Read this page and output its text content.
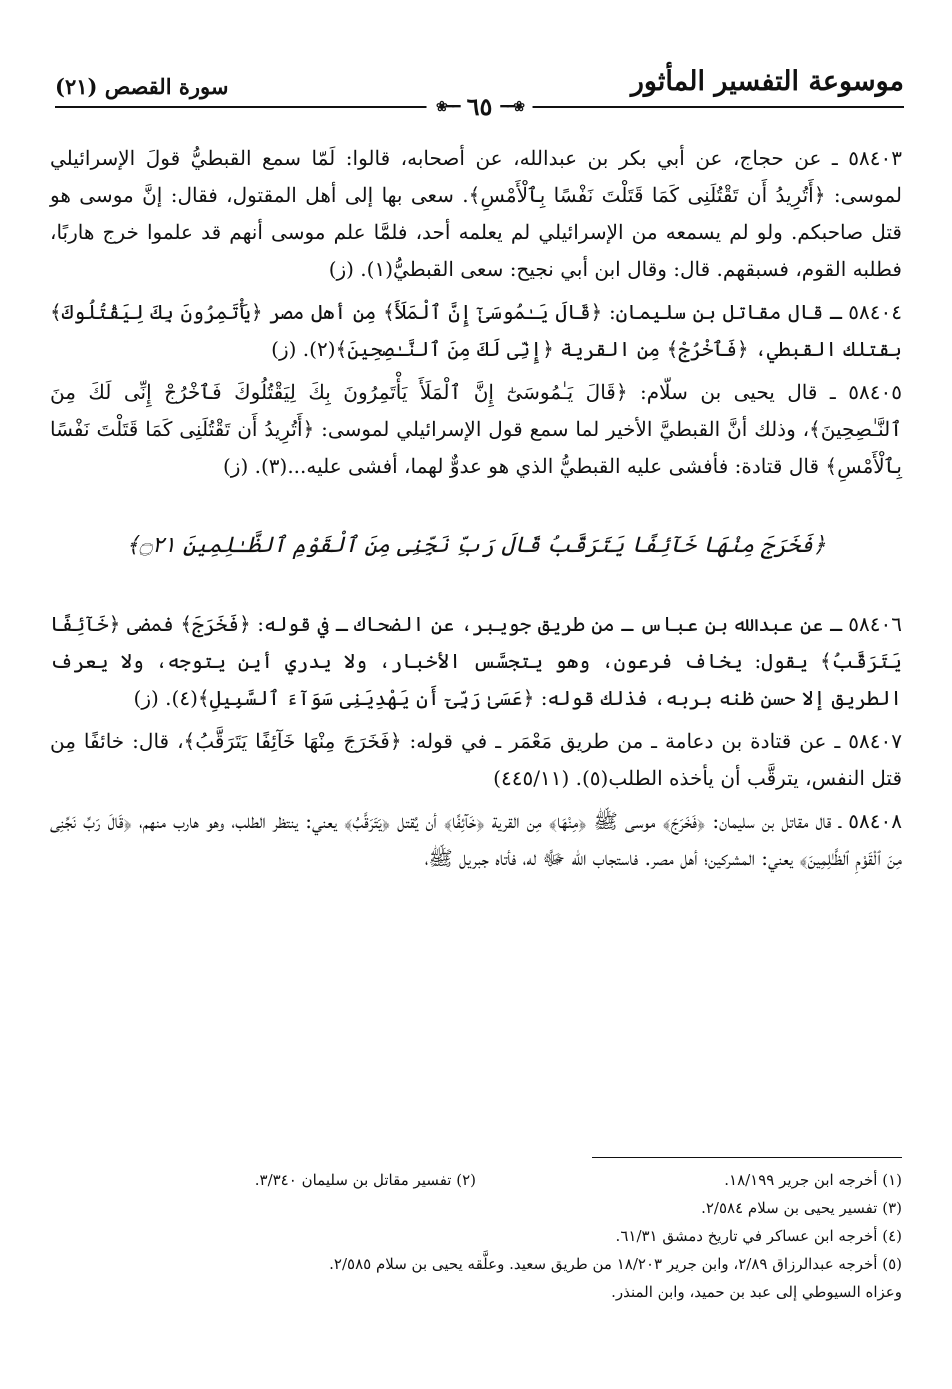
موسوعة التفسير المأثور
سورة القصص (٢١)
❀━━
٦٥
━━❀

٥٨٤٠٣ ـ عن حجاج، عن أبي بكر بن عبدالله، عن أصحابه، قالوا: لَمّا سمع القبطيُّ قولَ الإسرائيلي لموسى: ﴿أَتُرِيدُ أَن تَقْتُلَنِى كَمَا قَتَلْتَ نَفْسًا بِٱلْأَمْسِ﴾. سعى بها إلى أهل المقتول، فقال: إنَّ موسى هو قتل صاحبكم. ولو لم يسمعه من الإسرائيلي لم يعلمه أحد، فلمَّا علم موسى أنهم قد علموا خرج هاربًا، فطلبه القوم، فسبقهم. قال: وقال ابن أبي نجيح: سعى القبطيُّ(١). (ز)

٥٨٤٠٤ ـ قال مقاتل بن سليمان: ﴿قَالَ يَـٰمُوسَىٰٓ إِنَّ ٱلْمَلَأَ﴾ مِن أهل مصر ﴿يَأْتَمِرُونَ بِكَ لِيَقْتُلُوكَ﴾ بقتلك القبطي، ﴿فَٱخْرُجْ﴾ مِن القرية ﴿إِنِّى لَكَ مِنَ ٱلنَّـٰصِحِينَ﴾(٢). (ز)

٥٨٤٠٥ ـ قال يحيى بن سلّام: ﴿قَالَ يَـٰمُوسَىٰٓ إِنَّ ٱلْمَلَأَ يَأْتَمِرُونَ بِكَ لِيَقْتُلُوكَ فَٱخْرُجْ إِنِّى لَكَ مِنَ ٱلنَّـٰصِحِينَ﴾، وذلك أنَّ القبطيَّ الأخير لما سمع قول الإسرائيلي لموسى: ﴿أَتُرِيدُ أَن تَقْتُلَنِى كَمَا قَتَلْتَ نَفْسًا بِٱلْأَمْسِ﴾ قال قتادة: فأفشى عليه القبطيُّ الذي هو عدوٌّ لهما، أفشى عليه...(٣). (ز)

﴿فَخَرَجَ مِنْهَا خَآئِفًا يَتَرَقَّبُ قَالَ رَبِّ نَجِّنِى مِنَ ٱلْقَوْمِ ٱلظَّـٰلِمِينَ ۝٢١﴾

٥٨٤٠٦ ـ عن عبدالله بن عباس ـ من طريق جويبر، عن الضحاك ـ في قوله: ﴿فَخَرَجَ﴾ فمضى ﴿خَآئِفًا يَتَرَقَّبُ﴾ يقول: يخاف فرعون، وهو يتجسَّس الأخبار، ولا يدري أين يتوجه، ولا يعرف الطريق إلا حسن ظنه بربه، فذلك قوله: ﴿عَسَىٰ رَبِّىٓ أَن يَهْدِيَنِى سَوَآءَ ٱلسَّبِيلِ﴾(٤). (ز)

٥٨٤٠٧ ـ عن قتادة بن دعامة ـ من طريق مَعْمَر ـ في قوله: ﴿فَخَرَجَ مِنْهَا خَآئِفًا يَتَرَقَّبُ﴾، قال: خائفًا مِن قتل النفس، يترقَّب أن يأخذه الطلب(٥). (٤٤٥/١١)

٥٨٤٠٨ ـ قال مقاتل بن سليمان: ﴿فَخَرَجَ﴾ موسى ﷺ ﴿مِنْهَا﴾ مِن القرية ﴿خَآئِفًا﴾ أن يُقتل ﴿يَتَرَقَّبُ﴾ يعني: ينتظر الطلب، وهو هارب منهم، ﴿قَالَ رَبِّ نَجِّنِى مِنَ ٱلْقَوْمِ ٱلظَّـٰلِمِينَ﴾ يعني: المشركين؛ أهل مصر. فاستجاب الله ﷻ له، فأتاه جبريل ﷺ،

(١) أخرجه ابن جرير ١٨/١٩٩.
(٢) تفسير مقاتل بن سليمان ٣/٣٤٠.
(٣) تفسير يحيى بن سلام ٢/٥٨٤.
(٤) أخرجه ابن عساكر في تاريخ دمشق ٦١/٣١.
(٥) أخرجه عبدالرزاق ٢/٨٩، وابن جرير ١٨/٢٠٣ من طريق سعيد. وعلَّقه يحيى بن سلام ٢/٥٨٥.
وعزاه السيوطي إلى عبد بن حميد، وابن المنذر.
